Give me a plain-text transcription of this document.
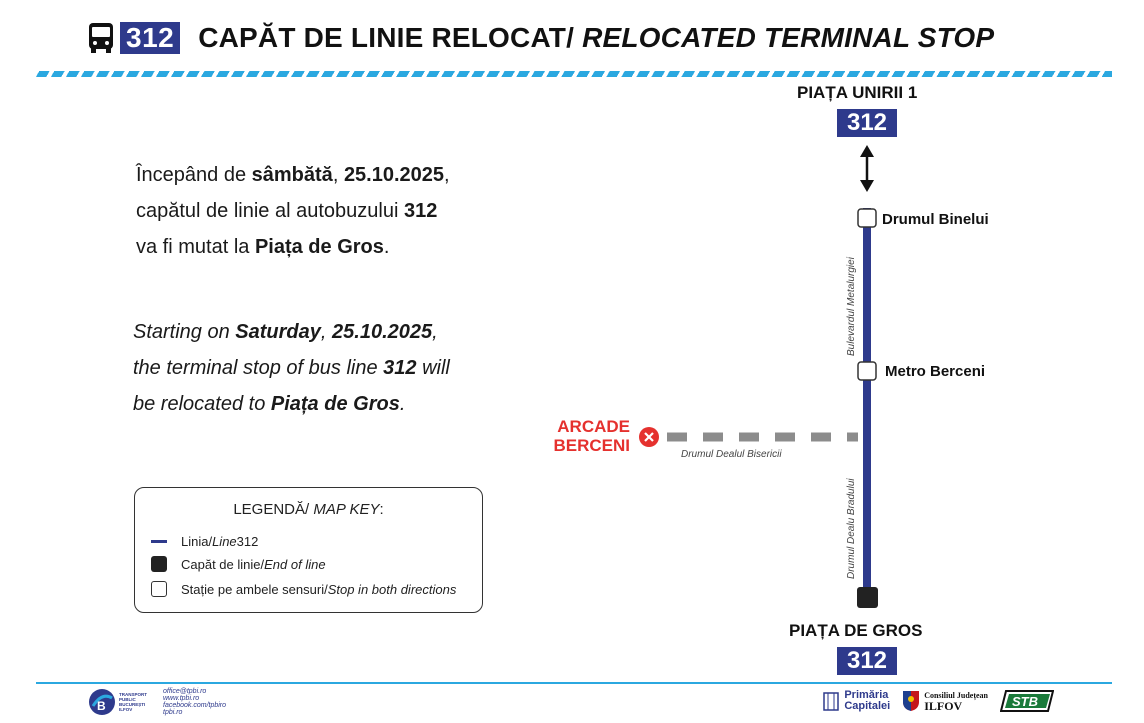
312 CAPĂT DE LINIE RELOCAT/ RELOCATED TERMINAL STOP
Începând de sâmbătă, 25.10.2025,
capătul de linie al autobuzului 312
va fi mutat la Piața de Gros.
Starting on Saturday, 25.10.2025,
the terminal stop of bus line 312 will
be relocated to Piața de Gros.
LEGENDĂ/ MAP KEY:
Linia/ Line 312
Capăt de linie/ End of line
Stație pe ambele sensuri/ Stop in both directions
PIAȚA UNIRII 1
312
Drumul Binelui
Metro Berceni
Bulevardul Metalurgiei
Drumul Dealu Bradului
Drumul Dealul Bisericii
ARCADE
BERCENI
PIAȚA DE GROS
312
B
TRANSPORT PUBLIC BUCUREȘTI ILFOV
office@tpbi.ro
www.tpbi.ro
facebook.com/tpbiro
tpbi.ro
Primăria
Capitalei
Consiliul Județean
ILFOV	STB
